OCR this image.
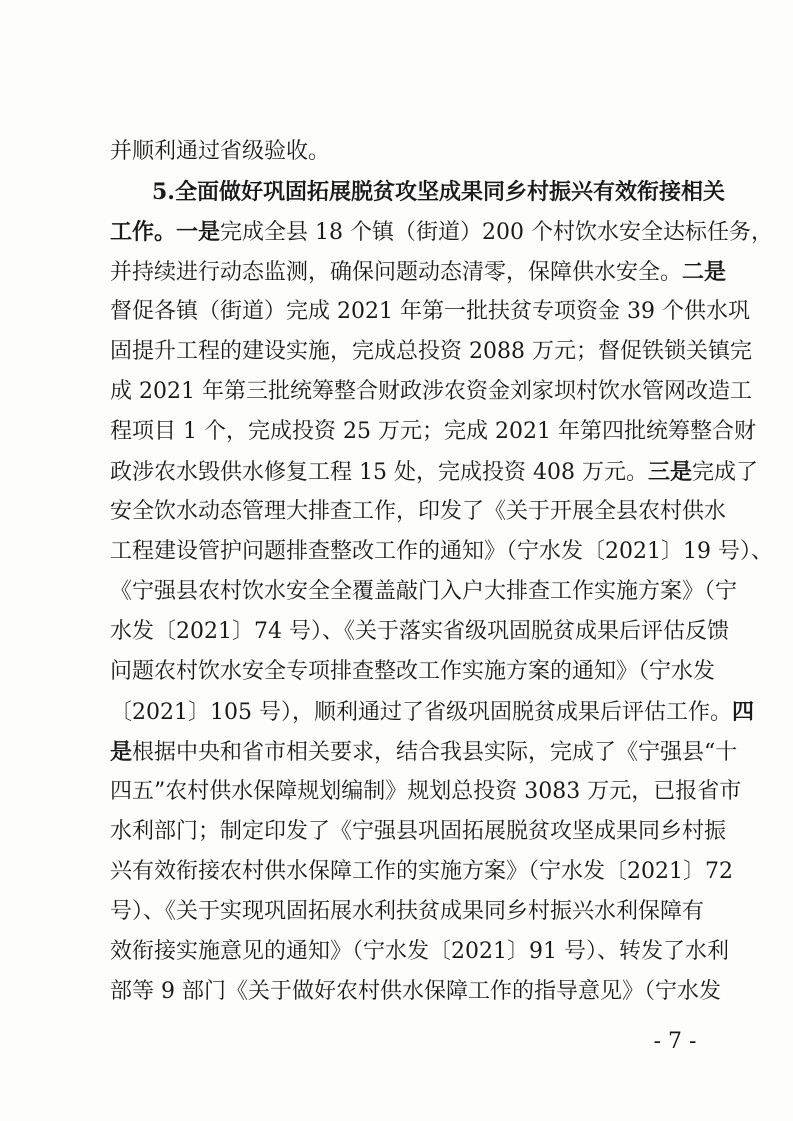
并顺利通过省级验收。
5.全面做好巩固拓展脱贫攻坚成果同乡村振兴有效衔接相关
工作。一是完成全县 18 个镇（街道）200 个村饮水安全达标任务，
并持续进行动态监测，确保问题动态清零，保障供水安全。二是
督促各镇（街道）完成 2021 年第一批扶贫专项资金 39 个供水巩
固提升工程的建设实施，完成总投资 2088 万元；督促铁锁关镇完
成 2021 年第三批统筹整合财政涉农资金刘家坝村饮水管网改造工
程项目 1 个，完成投资 25 万元；完成 2021 年第四批统筹整合财
政涉农水毁供水修复工程 15 处，完成投资 408 万元。三是完成了
安全饮水动态管理大排查工作，印发了《关于开展全县农村供水
工程建设管护问题排查整改工作的通知》（宁水发〔2021〕19 号）、
《宁强县农村饮水安全全覆盖敲门入户大排查工作实施方案》（宁
水发〔2021〕74 号）、《关于落实省级巩固脱贫成果后评估反馈
问题农村饮水安全专项排查整改工作实施方案的通知》（宁水发
〔2021〕105 号），顺利通过了省级巩固脱贫成果后评估工作。四
是根据中央和省市相关要求，结合我县实际，完成了《宁强县“十
四五”农村供水保障规划编制》规划总投资 3083 万元，已报省市
水利部门；制定印发了《宁强县巩固拓展脱贫攻坚成果同乡村振
兴有效衔接农村供水保障工作的实施方案》（宁水发〔2021〕72
号）、《关于实现巩固拓展水利扶贫成果同乡村振兴水利保障有
效衔接实施意见的通知》（宁水发〔2021〕91 号）、转发了水利
部等 9 部门《关于做好农村供水保障工作的指导意见》（宁水发
- 7 -
